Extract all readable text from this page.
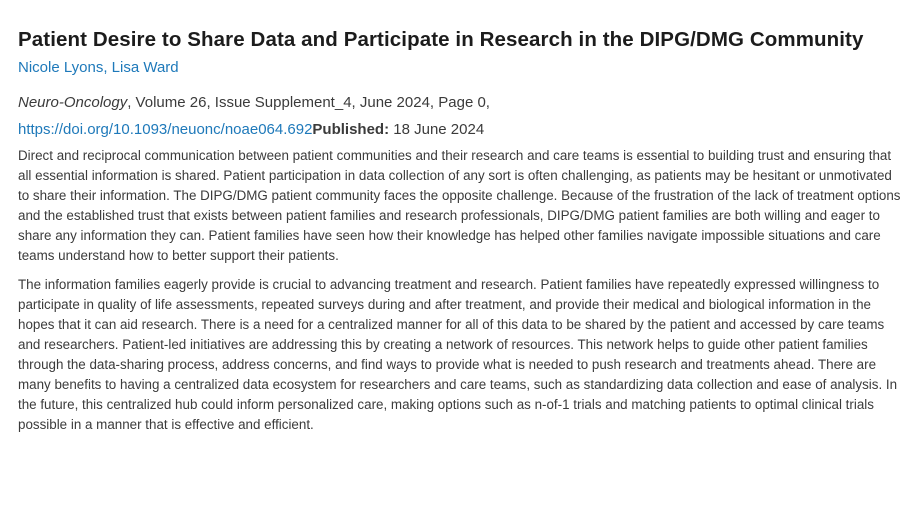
Patient Desire to Share Data and Participate in Research in the DIPG/DMG Community
Nicole Lyons, Lisa Ward
Neuro-Oncology, Volume 26, Issue Supplement_4, June 2024, Page 0,
https://doi.org/10.1093/neuonc/noae064.692Published: 18 June 2024

Direct and reciprocal communication between patient communities and their research and care teams is essential to building trust and ensuring that all essential information is shared. Patient participation in data collection of any sort is often challenging, as patients may be hesitant or unmotivated to share their information. The DIPG/DMG patient community faces the opposite challenge. Because of the frustration of the lack of treatment options and the established trust that exists between patient families and research professionals, DIPG/DMG patient families are both willing and eager to share any information they can. Patient families have seen how their knowledge has helped other families navigate impossible situations and care teams understand how to better support their patients.

The information families eagerly provide is crucial to advancing treatment and research. Patient families have repeatedly expressed willingness to participate in quality of life assessments, repeated surveys during and after treatment, and provide their medical and biological information in the hopes that it can aid research. There is a need for a centralized manner for all of this data to be shared by the patient and accessed by care teams and researchers. Patient-led initiatives are addressing this by creating a network of resources. This network helps to guide other patient families through the data-sharing process, address concerns, and find ways to provide what is needed to push research and treatments ahead. There are many benefits to having a centralized data ecosystem for researchers and care teams, such as standardizing data collection and ease of analysis. In the future, this centralized hub could inform personalized care, making options such as n-of-1 trials and matching patients to optimal clinical trials possible in a manner that is effective and efficient.
